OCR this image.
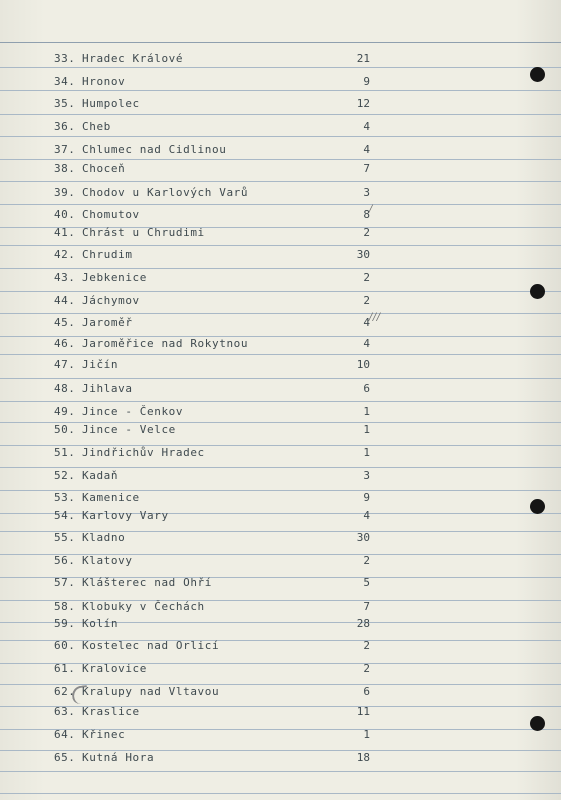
33. Hradec Králové	21
34. Hronov	9
35. Humpolec	12
36. Cheb	4
37. Chlumec nad Cidlinou	4
38. Choceň	7
39. Chodov u Karlových Varů	3
40. Chomutov	8 /
41. Chrást u Chrudimi	2
42. Chrudim	30
43. Jebkenice	2
44. Jáchymov	2
45. Jaroměř	4 ///
46. Jaroměřice nad Rokytnou	4
47. Jičín	10
48. Jihlava	6
49. Jince - Čenkov	1
50. Jince - Velce	1
51. Jindřichův Hradec	1
52. Kadaň	3
53. Kamenice	9
54. Karlovy Vary	4
55. Kladno	30
56. Klatovy	2
57. Klášterec nad Ohří	5
58. Klobuky v Čechách	7
59. Kolín	28
60. Kostelec nad Orlicí	2
61. Kralovice	2
62. Kralupy nad Vltavou	6
63. Kraslice	11
64. Křinec	1
65. Kutná Hora	18
